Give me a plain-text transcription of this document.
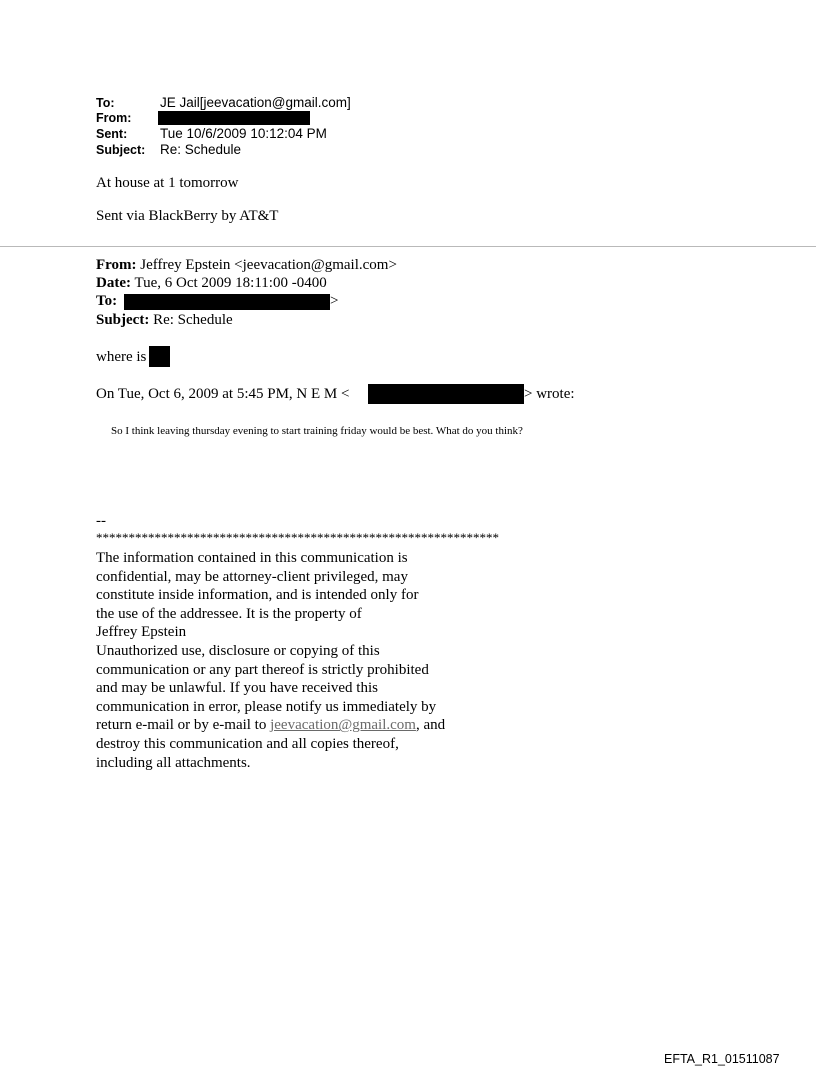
To:	JE Jail[jeevacation@gmail.com]
From:
Sent: Tue 10/6/2009 10:12:04 PM
Subject: Re: Schedule
At house at 1 tomorrow
Sent via BlackBerry by AT&T
From: Jeffrey Epstein <jeevacation@gmail.com>
Date: Tue, 6 Oct 2009 18:11:00 -0400
To:	>
Subject: Re: Schedule
where is
On Tue, Oct 6, 2009 at 5:45 PM, N E M <	> wrote:
So I think leaving thursday evening to start training friday would be best. What do you think?
--
**************************************************************
The information contained in this communication is
confidential, may be attorney-client privileged, may
constitute inside information, and is intended only for
the use of the addressee. It is the property of
Jeffrey Epstein
Unauthorized use, disclosure or copying of this
communication or any part thereof is strictly prohibited
and may be unlawful. If you have received this
communication in error, please notify us immediately by
return e-mail or by e-mail to jeevacation@gmail.com, and
destroy this communication and all copies thereof,
including all attachments.
EFTA_R1_01511087
